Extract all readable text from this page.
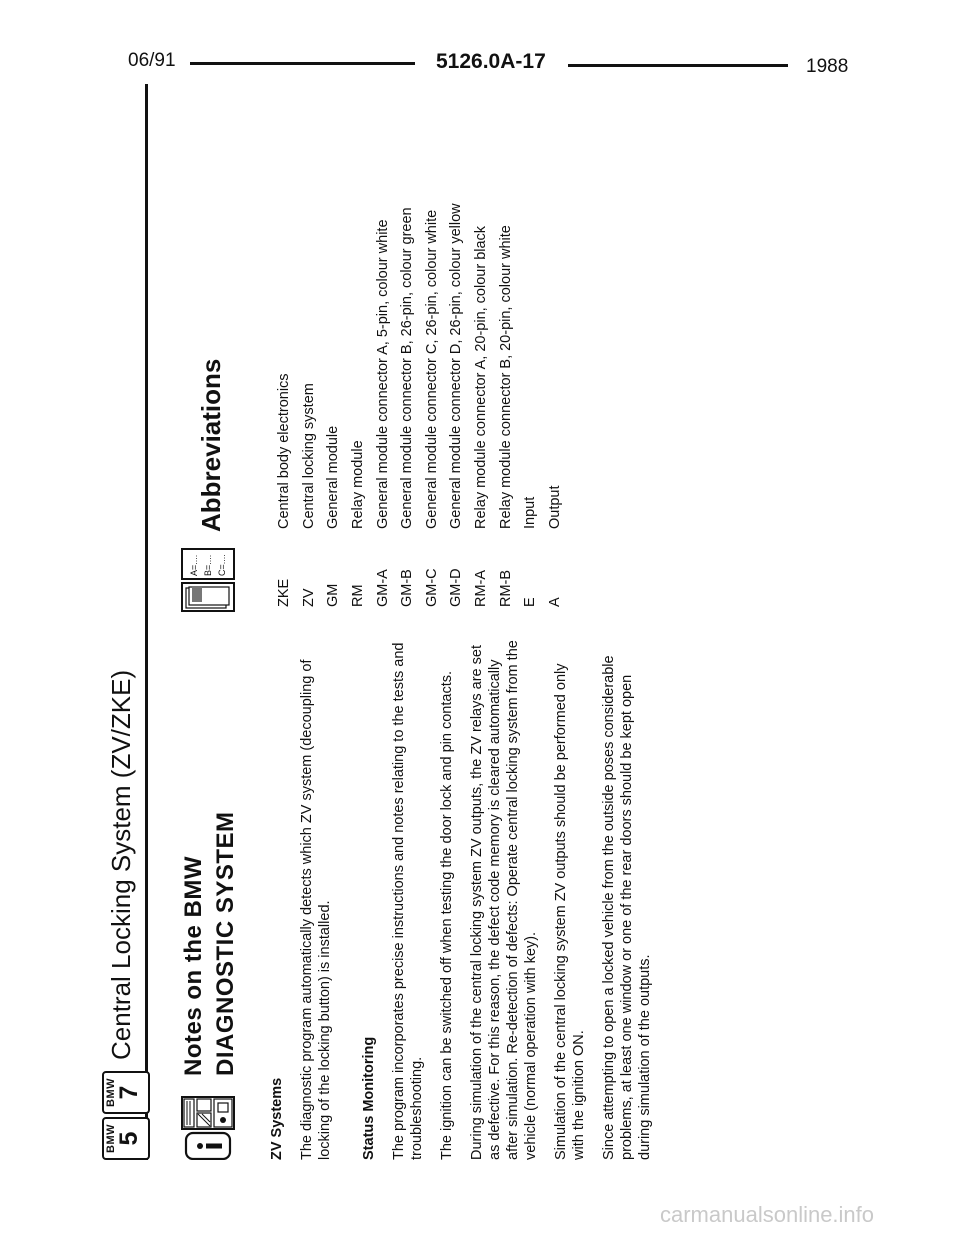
06/91	5126.0A-17	1988
BMW
5
BMW
7
Central Locking System (ZV/ZKE) Notes on the BMW DIAGNOSTIC SYSTEM
ZV Systems The diagnostic program automatically detects which ZV system (decoupling of locking of the locking button) is installed. Status Monitoring The program incorporates precise instructions and notes relating to the tests and troubleshooting. The ignition can be switched off when testing the door lock and pin contacts. During simulation of the central locking system ZV outputs, the ZV relays are set as defective. For this reason, the defect code memory is cleared automatically after simulation. Re-detection of defects: Operate central locking system from the vehicle (normal operation with key). Simulation of the central locking system ZV outputs should be performed only with the ignition ON. Since attempting to open a locked vehicle from the outside poses considerable problems, at least one window or one of the rear doors should be kept open during simulation of the outputs.

A=.... B=.... C=....
Abbreviations
ZKE
Central body electronics
ZV
Central locking system
GM
General module
RM
Relay module
GM-A
General module connector A, 5-pin, colour white
GM-B
General module connector B, 26-pin, colour green
GM-C
General module connector C, 26-pin, colour white
GM-D
General module connector D, 26-pin, colour yellow
RM-A
Relay module connector A, 20-pin, colour black
RM-B
Relay module connector B, 20-pin, colour white
E
Input
A
Output
carmanualsonline.info
